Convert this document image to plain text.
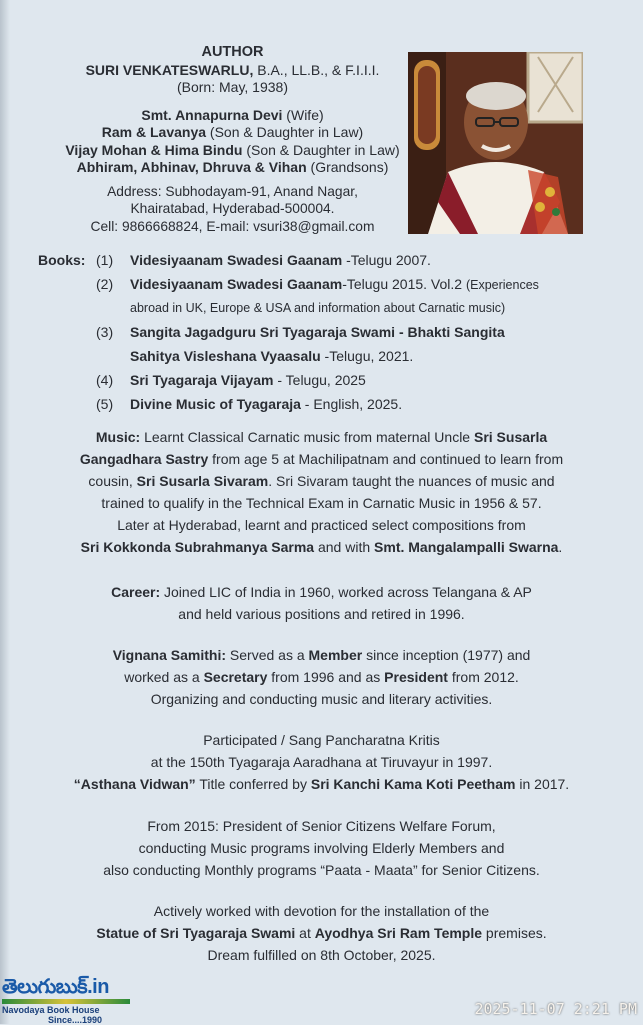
AUTHOR
SURI VENKATESWARLU, B.A., LL.B., & F.I.I.I.
(Born: May, 1938)
Smt. Annapurna Devi (Wife)
Ram & Lavanya (Son & Daughter in Law)
Vijay Mohan & Hima Bindu (Son & Daughter in Law)
Abhiram, Abhinav, Dhruva & Vihan (Grandsons)
Address: Subhodayam-91, Anand Nagar,
Khairatabad, Hyderabad-500004.
Cell: 9866668824, E-mail: vsuri38@gmail.com
Books: (1) Videsiyaanam Swadesi Gaanam -Telugu 2007.
(2) Videsiyaanam Swadesi Gaanam-Telugu 2015. Vol.2 (Experiences
abroad in UK, Europe & USA and information about Carnatic music)
(3) Sangita Jagadguru Sri Tyagaraja Swami - Bhakti Sangita
Sahitya Visleshana Vyaasalu -Telugu, 2021.
(4) Sri Tyagaraja Vijayam - Telugu, 2025
(5) Divine Music of Tyagaraja - English, 2025.
Music: Learnt Classical Carnatic music from maternal Uncle Sri Susarla
Gangadhara Sastry from age 5 at Machilipatnam and continued to learn from
cousin, Sri Susarla Sivaram. Sri Sivaram taught the nuances of music and
trained to qualify in the Technical Exam in Carnatic Music in 1956 & 57.
Later at Hyderabad, learnt and practiced select compositions from
Sri Kokkonda Subrahmanya Sarma and with Smt. Mangalampalli Swarna.
Career: Joined LIC of India in 1960, worked across Telangana & AP
and held various positions and retired in 1996.
Vignana Samithi: Served as a Member since inception (1977) and
worked as a Secretary from 1996 and as President from 2012.
Organizing and conducting music and literary activities.
Participated / Sang Pancharatna Kritis
at the 150th Tyagaraja Aaradhana at Tiruvayur in 1997.
“Asthana Vidwan” Title conferred by Sri Kanchi Kama Koti Peetham in 2017.
From 2015: President of Senior Citizens Welfare Forum,
conducting Music programs involving Elderly Members and
also conducting Monthly programs “Paata - Maata” for Senior Citizens.
Actively worked with devotion for the installation of the
Statue of Sri Tyagaraja Swami at Ayodhya Sri Ram Temple premises.
Dream fulfilled on 8th October, 2025.
తెలుగుబుక్.in
Navodaya Book House
Since....1990
2025-11-07 2:21 PM
